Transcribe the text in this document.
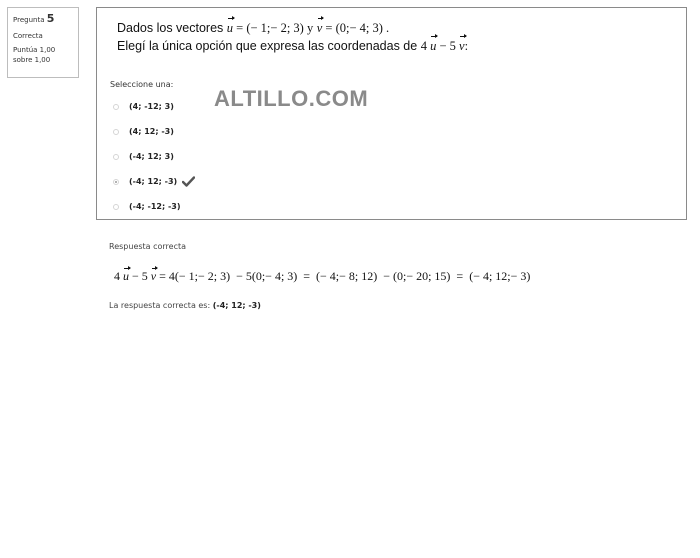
Pregunta 5
Correcta
Puntúa 1,00
sobre 1,00
Dados los vectores u = (− 1;− 2; 3) y v = (0;− 4; 3) .
Elegí la única opción que expresa las coordenadas de 4 u − 5 v:
Seleccione una:
(4; -12; 3)
(4; 12; -3)
(-4; 12; 3)
(-4; 12; -3)
(-4; -12; -3)
ALTILLO.COM
Respuesta correcta
4 u − 5 v = 4(− 1;− 2; 3)  − 5(0;− 4; 3)  =  (− 4;− 8; 12)  − (0;− 20; 15)  =  (− 4; 12;− 3)
La respuesta correcta es: (-4; 12; -3)
